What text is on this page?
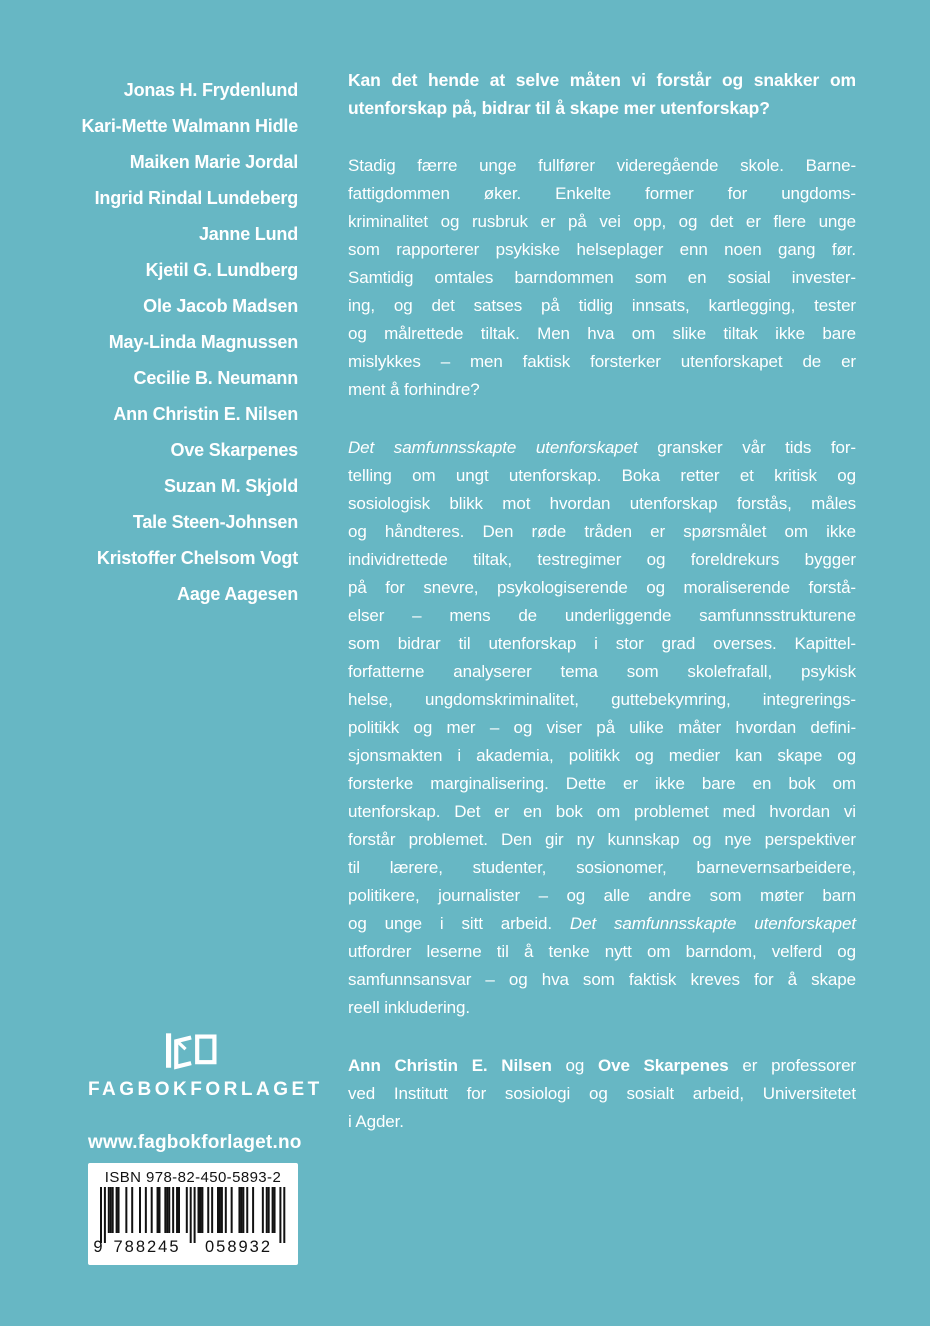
Jonas H. Frydenlund
Kari-Mette Walmann Hidle
Maiken Marie Jordal
Ingrid Rindal Lundeberg
Janne Lund
Kjetil G. Lundberg
Ole Jacob Madsen
May-Linda Magnussen
Cecilie B. Neumann
Ann Christin E. Nilsen
Ove Skarpenes
Suzan M. Skjold
Tale Steen-Johnsen
Kristoffer Chelsom Vogt
Aage Aagesen
Kan det hende at selve måten vi forstår og snakker om
utenforskap på, bidrar til å skape mer utenforskap?
Stadig færre unge fullfører videregående skole. Barne-
fattigdommen øker. Enkelte former for ungdoms-
kriminalitet og rusbruk er på vei opp, og det er flere unge
som rapporterer psykiske helseplager enn noen gang før.
Samtidig omtales barndommen som en sosial invester-
ing, og det satses på tidlig innsats, kartlegging, tester
og målrettede tiltak. Men hva om slike tiltak ikke bare
mislykkes – men faktisk forsterker utenforskapet de er
ment å forhindre?
Det samfunnsskapte utenforskapet gransker vår tids for-
telling om ungt utenforskap. Boka retter et kritisk og
sosiologisk blikk mot hvordan utenforskap forstås, måles
og håndteres. Den røde tråden er spørsmålet om ikke
individrettede tiltak, testregimer og foreldrekurs bygger
på for snevre, psykologiserende og moraliserende forstå-
elser – mens de underliggende samfunnsstrukturene
som bidrar til utenforskap i stor grad overses. Kapittel-
forfatterne analyserer tema som skolefrafall, psykisk
helse, ungdomskriminalitet, guttebekymring, integrerings-
politikk og mer – og viser på ulike måter hvordan defini-
sjonsmakten i akademia, politikk og medier kan skape og
forsterke marginalisering. Dette er ikke bare en bok om
utenforskap. Det er en bok om problemet med hvordan vi
forstår problemet. Den gir ny kunnskap og nye perspektiver
til lærere, studenter, sosionomer, barnevernsarbeidere,
politikere, journalister – og alle andre som møter barn
og unge i sitt arbeid. Det samfunnsskapte utenforskapet
utfordrer leserne til å tenke nytt om barndom, velferd og
samfunnsansvar – og hva som faktisk kreves for å skape
reell inkludering.
Ann Christin E. Nilsen og Ove Skarpenes er professorer
ved Institutt for sosiologi og sosialt arbeid, Universitetet
i Agder.
FAGBOKFORLAGET
www.fagbokforlaget.no
ISBN 978-82-450-5893-2
9 788245	058932
